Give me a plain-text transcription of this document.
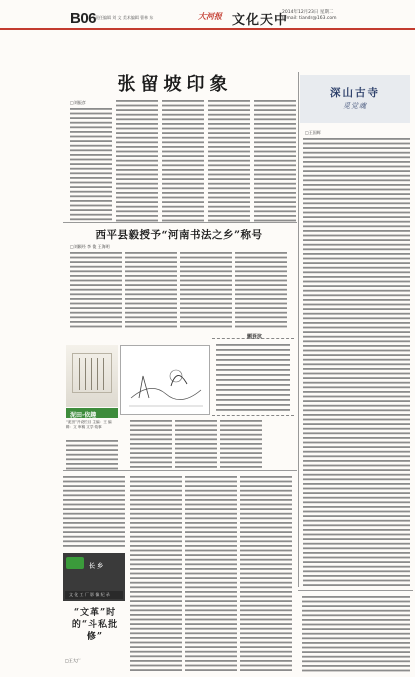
B06
责任编辑 刘 文 美术编辑 曹林 东	大河报 文化天中
2014年12月23日 星期二
E-mail: tiandr@163.com
张留坡印象
□刘振彦

深山古寺
觅觉魂
□王国辉
西平县毅授予“河南书法之乡”称号
□刘颖经 李 俊 王海明
泥田·依趣
“泥田”开设栏目 主编：王 编辑：文 审稿 文学·故事
题吾坑
长 乡
文 化 工 厂 影 像 纪 录
“文革”时的“斗私批修”
□王大广
